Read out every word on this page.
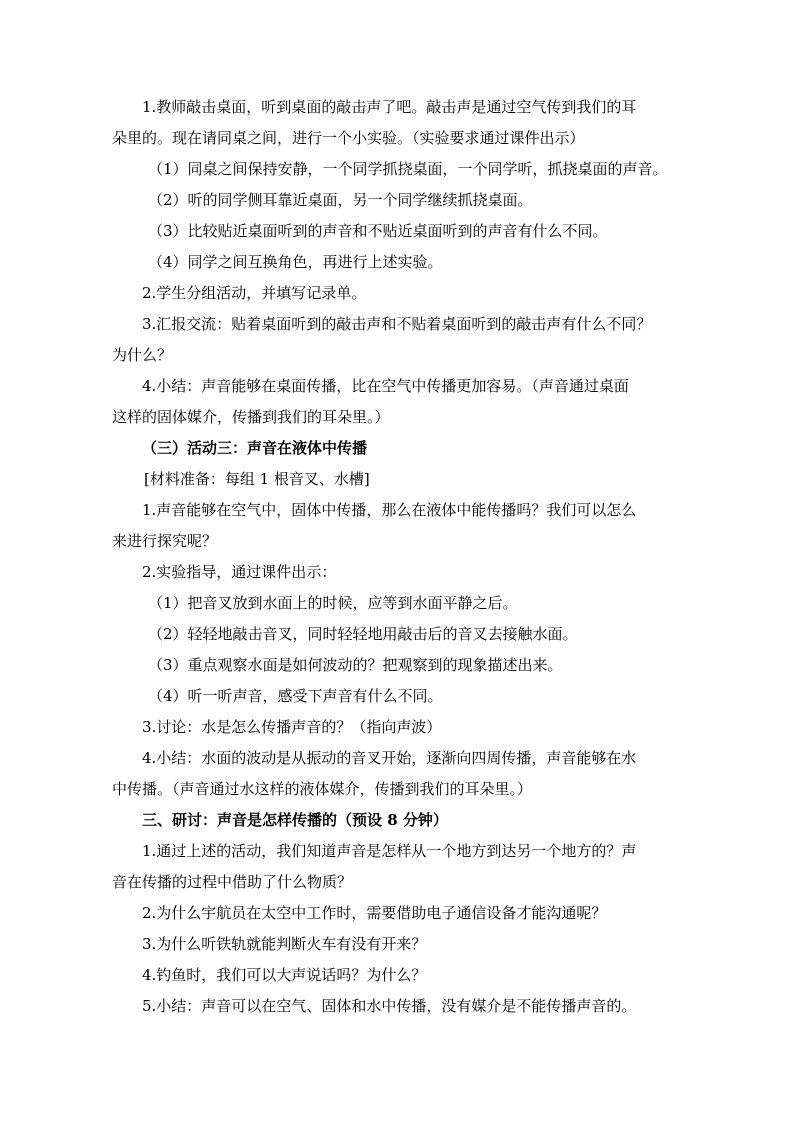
1.教师敲击桌面，听到桌面的敲击声了吧。敲击声是通过空气传到我们的耳

朵里的。现在请同桌之间，进行一个小实验。（实验要求通过课件出示）

（1）同桌之间保持安静，一个同学抓挠桌面，一个同学听，抓挠桌面的声音。

（2）听的同学侧耳靠近桌面，另一个同学继续抓挠桌面。

（3）比较贴近桌面听到的声音和不贴近桌面听到的声音有什么不同。

（4）同学之间互换角色，再进行上述实验。

2.学生分组活动，并填写记录单。

3.汇报交流：贴着桌面听到的敲击声和不贴着桌面听到的敲击声有什么不同？

为什么？

4.小结：声音能够在桌面传播，比在空气中传播更加容易。（声音通过桌面

这样的固体媒介，传播到我们的耳朵里。）

（三）活动三：声音在液体中传播

[材料准备：每组 1 根音叉、水槽]

1.声音能够在空气中，固体中传播，那么在液体中能传播吗？我们可以怎么

来进行探究呢？

2.实验指导，通过课件出示：

（1）把音叉放到水面上的时候，应等到水面平静之后。

（2）轻轻地敲击音叉，同时轻轻地用敲击后的音叉去接触水面。

（3）重点观察水面是如何波动的？把观察到的现象描述出来。

（4）听一听声音，感受下声音有什么不同。

3.讨论：水是怎么传播声音的？（指向声波）

4.小结：水面的波动是从振动的音叉开始，逐渐向四周传播，声音能够在水

中传播。（声音通过水这样的液体媒介，传播到我们的耳朵里。）

三、研讨：声音是怎样传播的（预设 8 分钟）

1.通过上述的活动，我们知道声音是怎样从一个地方到达另一个地方的？声

音在传播的过程中借助了什么物质？

2.为什么宇航员在太空中工作时，需要借助电子通信设备才能沟通呢？

3.为什么听铁轨就能判断火车有没有开来？

4.钓鱼时，我们可以大声说话吗？为什么？

5.小结：声音可以在空气、固体和水中传播，没有媒介是不能传播声音的。
